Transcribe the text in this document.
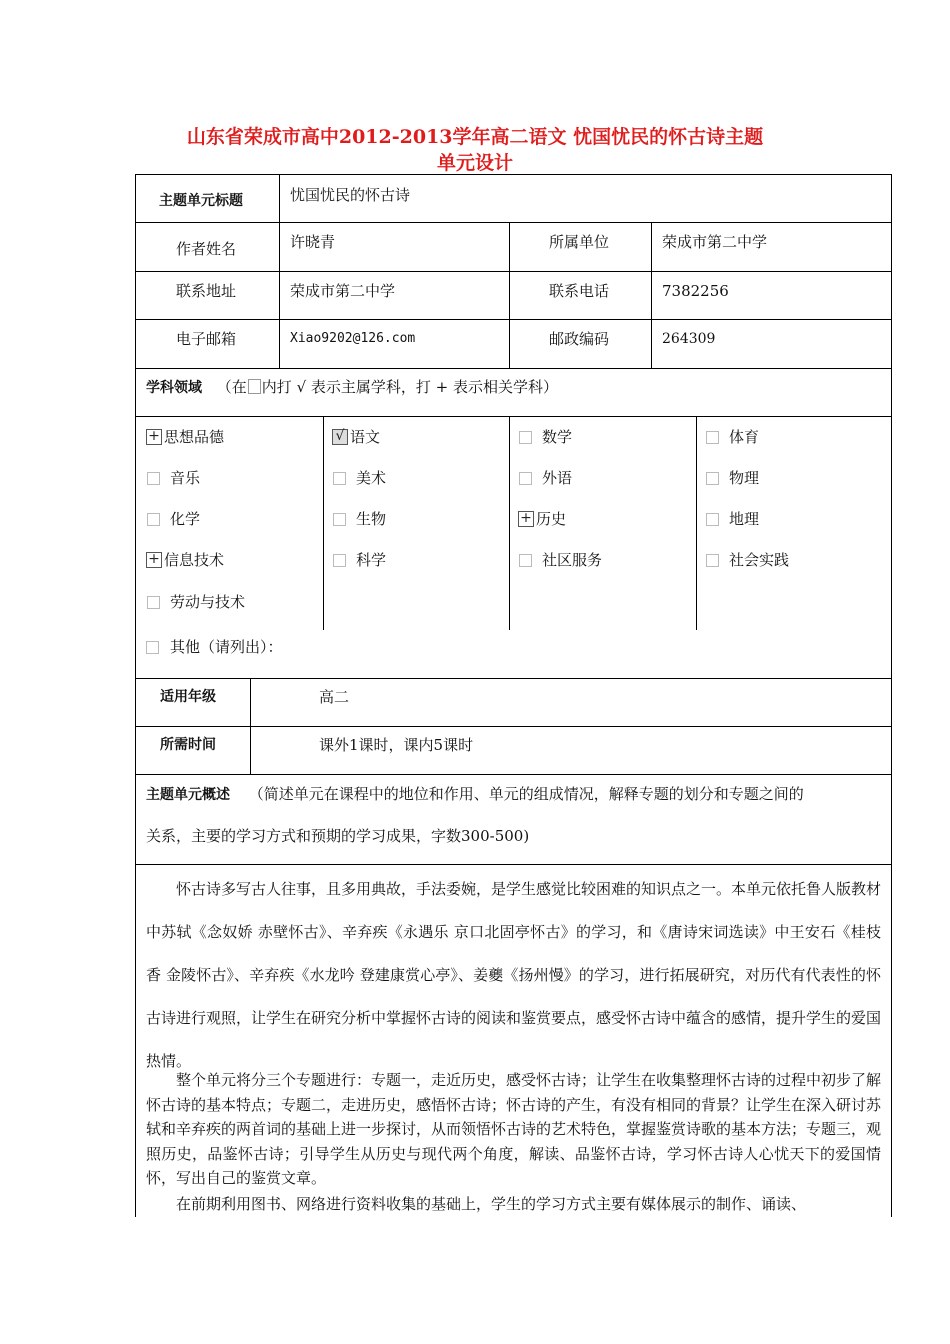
山东省荣成市高中2012-2013学年高二语文 忧国忧民的怀古诗主题
单元设计
主题单元标题	忧国忧民的怀古诗
作者姓名	许晓青	所属单位	荣成市第二中学
联系地址	荣成市第二中学	联系电话	7382256
电子邮箱	Xiao9202@126.com	邮政编码	264309
学科领域 （在 内打 √ 表示主属学科，打 + 表示相关学科）
+ 思想品德	√ 语文	数学	体育
音乐	美术	外语	物理
化学	生物	+ 历史	地理
+ 信息技术	科学	社区服务	社会实践
劳动与技术
其他（请列出）：
适用年级	高二
所需时间	课外1课时，课内5课时
主题单元概述 （简述单元在课程中的地位和作用、单元的组成情况，解释专题的划分和专题之间的
关系，主要的学习方式和预期的学习成果，字数300-500)
怀古诗多写古人往事，且多用典故，手法委婉，是学生感觉比较困难的知识点之一。本单元依托鲁人版教材中苏轼《念奴娇 赤壁怀古》、辛弃疾《永遇乐 京口北固亭怀古》的学习，和《唐诗宋词选读》中王安石《桂枝香 金陵怀古》、辛弃疾《水龙吟 登建康赏心亭》、姜夔《扬州慢》的学习，进行拓展研究，对历代有代表性的怀古诗进行观照，让学生在研究分析中掌握怀古诗的阅读和鉴赏要点，感受怀古诗中蕴含的感情，提升学生的爱国热情。
整个单元将分三个专题进行：专题一，走近历史，感受怀古诗；让学生在收集整理怀古诗的过程中初步了解怀古诗的基本特点；专题二，走进历史，感悟怀古诗；怀古诗的产生，有没有相同的背景？让学生在深入研讨苏轼和辛弃疾的两首词的基础上进一步探讨，从而领悟怀古诗的艺术特色，掌握鉴赏诗歌的基本方法；专题三，观照历史，品鉴怀古诗；引导学生从历史与现代两个角度，解读、品鉴怀古诗，学习怀古诗人心忧天下的爱国情怀，写出自己的鉴赏文章。
在前期利用图书、网络进行资料收集的基础上，学生的学习方式主要有媒体展示的制作、诵读、
